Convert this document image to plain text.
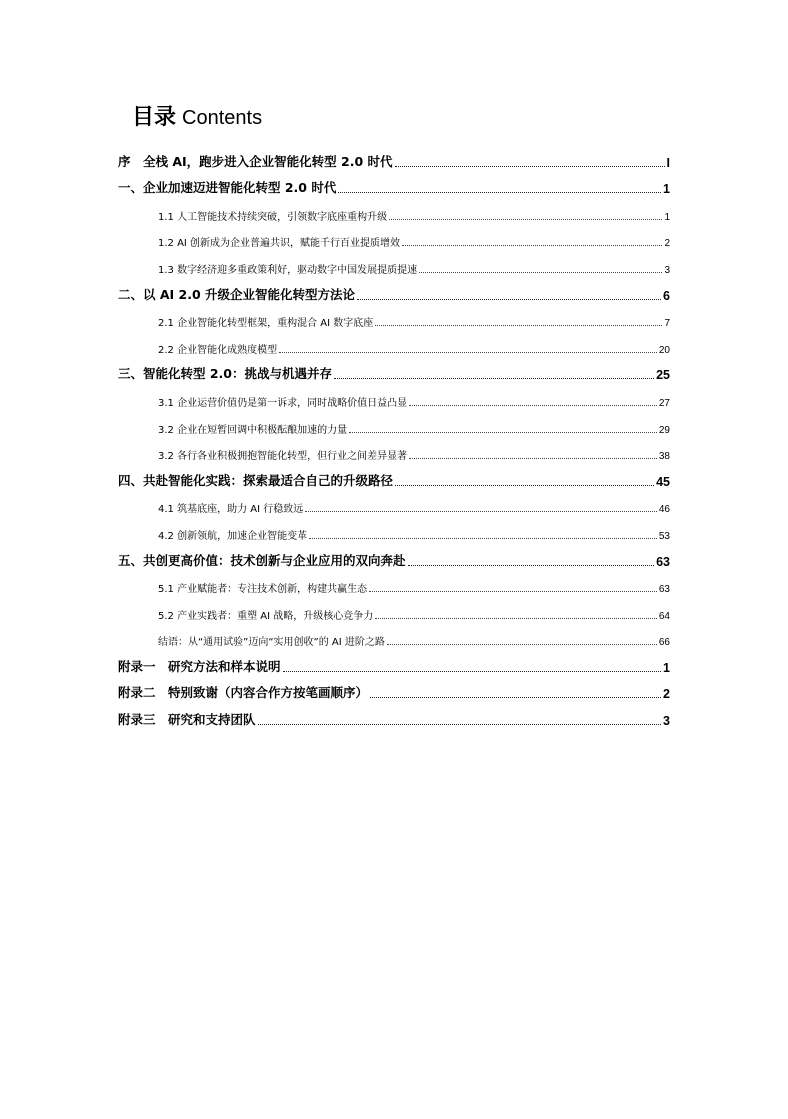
目录 Contents
序　全栈 AI，跑步进入企业智能化转型 2.0 时代	I
一、企业加速迈进智能化转型 2.0 时代	1
1.1 人工智能技术持续突破，引领数字底座重构升级	1
1.2 AI 创新成为企业普遍共识，赋能千行百业提质增效	2
1.3 数字经济迎多重政策利好，驱动数字中国发展提质提速	3
二、以 AI 2.0 升级企业智能化转型方法论	6
2.1 企业智能化转型框架，重构混合 AI 数字底座	7
2.2 企业智能化成熟度模型	20
三、智能化转型 2.0：挑战与机遇并存	25
3.1 企业运营价值仍是第一诉求，同时战略价值日益凸显	27
3.2 企业在短暂回调中积极酝酿加速的力量	29
3.2 各行各业积极拥抱智能化转型，但行业之间差异显著	38
四、共赴智能化实践：探索最适合自己的升级路径	45
4.1 筑基底座，助力 AI 行稳致远	46
4.2 创新领航，加速企业智能变革	53
五、共创更高价值：技术创新与企业应用的双向奔赴	63
5.1 产业赋能者：专注技术创新，构建共赢生态	63
5.2 产业实践者：重塑 AI 战略，升级核心竞争力	64
结语：从“通用试验”迈向“实用创收”的 AI 进阶之路	66
附录一　研究方法和样本说明	1
附录二　特别致谢（内容合作方按笔画顺序）	2
附录三　研究和支持团队	3
